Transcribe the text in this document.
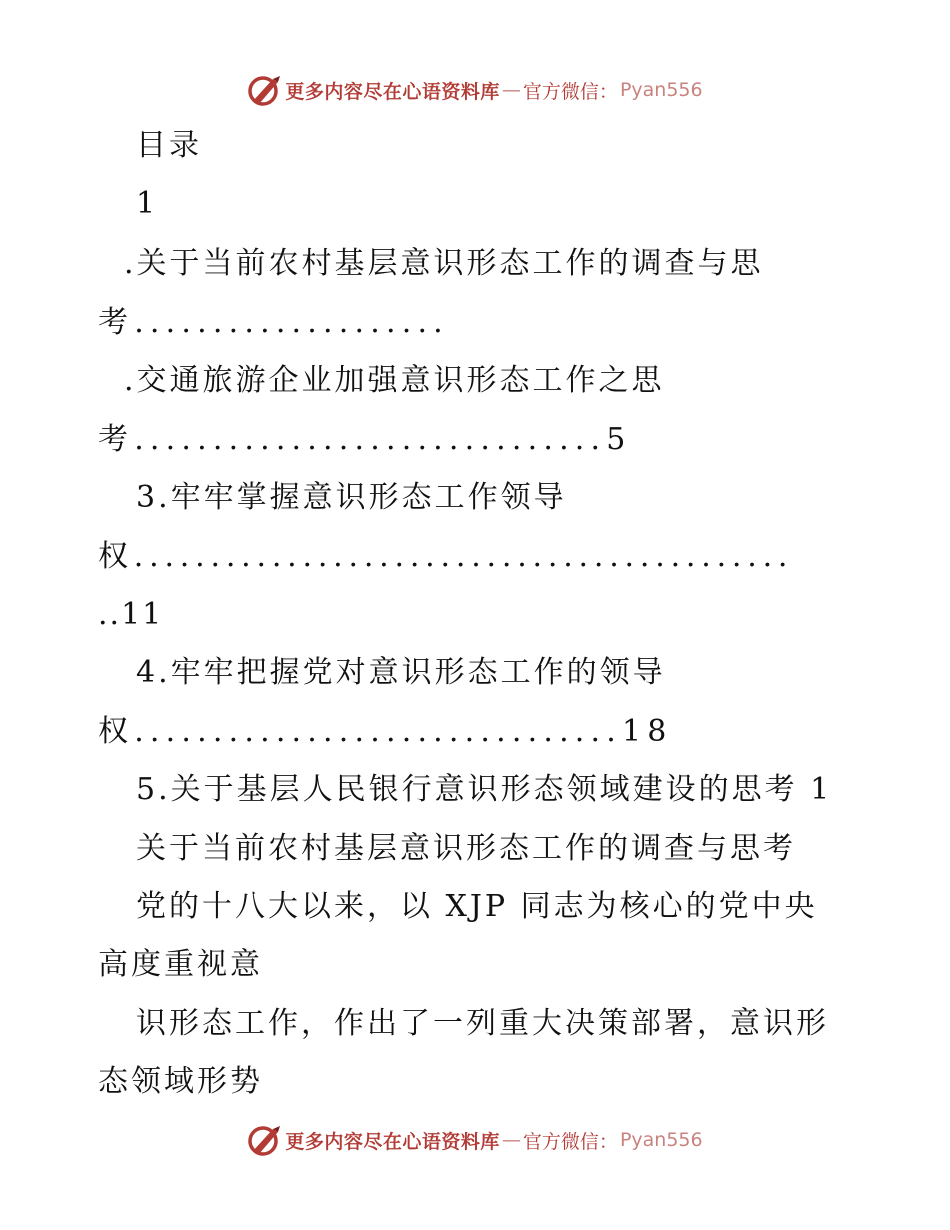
更多内容尽在心语资料库 — 官方微信： Pyan556
目录
1
.关于当前农村基层意识形态工作的调查与思
考....................
.交通旅游企业加强意识形态工作之思
考..............................5
3.牢牢掌握意识形态工作领导
权...........................................
..11
4.牢牢把握党对意识形态工作的领导
权...............................18
5.关于基层人民银行意识形态领域建设的思考 1
关于当前农村基层意识形态工作的调查与思考
党的十八大以来，以 XJP 同志为核心的党中央
高度重视意
识形态工作，作出了一列重大决策部署，意识形
态领域形势
更多内容尽在心语资料库 — 官方微信： Pyan556
